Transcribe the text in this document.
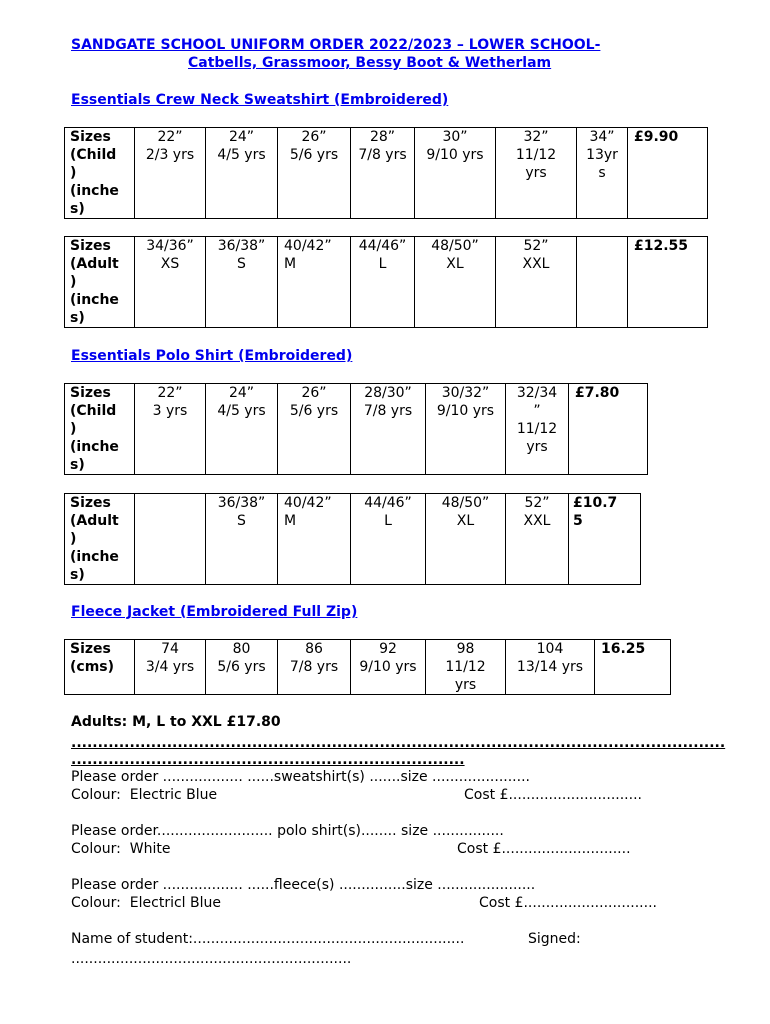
SANDGATE SCHOOL UNIFORM ORDER 2022/2023 – LOWER SCHOOL-
Catbells, Grassmoor, Bessy Boot & Wetherlam
Essentials Crew Neck Sweatshirt (Embroidered)
Sizes
(Child
)
(inche
s)	22”
2/3 yrs	24”
4/5 yrs	26”
5/6 yrs	28”
7/8 yrs	30”
9/10 yrs	32”
11/12
yrs	34”
13yr
s	£9.90
Sizes
(Adult
)
(inche
s)	34/36”
XS	36/38”
S	40/42”
M	44/46”
L	48/50”
XL	52”
XXL		£12.55
Essentials Polo Shirt (Embroidered)
Sizes
(Child
)
(inche
s)	22”
3 yrs	24”
4/5 yrs	26”
5/6 yrs	28/30”
7/8 yrs	30/32”
9/10 yrs	32/34
”
11/12
yrs	£7.80
Sizes
(Adult
)
(inche
s)		36/38”
S	40/42”
M	44/46”
L	48/50”
XL	52”
XXL	£10.7
5
Fleece Jacket (Embroidered Full Zip)
Sizes
(cms)	74
3/4 yrs	80
5/6 yrs	86
7/8 yrs	92
9/10 yrs	98
11/12
yrs	104
13/14 yrs	16.25
Adults: M, L to XXL £17.80
...........................................................................................................................
..........................................................................
Please order .................. ......sweatshirt(s) .......size ......................
Colour:  Electric Blue	Cost £..............................
Please order.......................... polo shirt(s)........ size ................
Colour:  White	Cost £.............................
Please order .................. ......fleece(s) ...............size ......................
Colour:  Electricl Blue	Cost £..............................
Name of student:.............................................................	Signed:
...............................................................
